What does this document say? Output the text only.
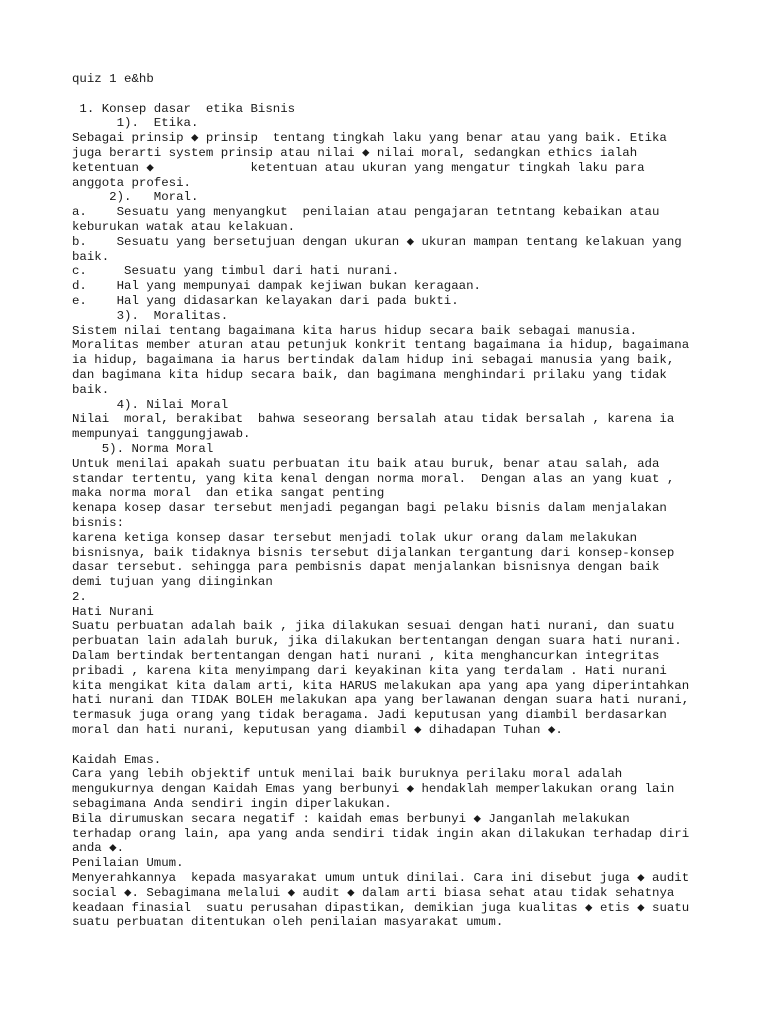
quiz 1 e&hb
1. Konsep dasar  etika Bisnis
1).  Etika.
Sebagai prinsip ◆ prinsip  tentang tingkah laku yang benar atau yang baik. Etika
juga berarti system prinsip atau nilai ◆ nilai moral, sedangkan ethics ialah
ketentuan ◆             ketentuan atau ukuran yang mengatur tingkah laku para
anggota profesi.
2).   Moral.
a.    Sesuatu yang menyangkut  penilaian atau pengajaran tetntang kebaikan atau
keburukan watak atau kelakuan.
b.    Sesuatu yang bersetujuan dengan ukuran ◆ ukuran mampan tentang kelakuan yang
baik.
c.     Sesuatu yang timbul dari hati nurani.
d.    Hal yang mempunyai dampak kejiwan bukan keragaan.
e.    Hal yang didasarkan kelayakan dari pada bukti.
3).  Moralitas.
Sistem nilai tentang bagaimana kita harus hidup secara baik sebagai manusia.
Moralitas member aturan atau petunjuk konkrit tentang bagaimana ia hidup, bagaimana
ia hidup, bagaimana ia harus bertindak dalam hidup ini sebagai manusia yang baik,
dan bagimana kita hidup secara baik, dan bagimana menghindari prilaku yang tidak
baik.
4). Nilai Moral
Nilai  moral, berakibat  bahwa seseorang bersalah atau tidak bersalah , karena ia
mempunyai tanggungjawab.
5). Norma Moral
Untuk menilai apakah suatu perbuatan itu baik atau buruk, benar atau salah, ada
standar tertentu, yang kita kenal dengan norma moral.  Dengan alas an yang kuat ,
maka norma moral  dan etika sangat penting
kenapa kosep dasar tersebut menjadi pegangan bagi pelaku bisnis dalam menjalakan
bisnis:
karena ketiga konsep dasar tersebut menjadi tolak ukur orang dalam melakukan
bisnisnya, baik tidaknya bisnis tersebut dijalankan tergantung dari konsep-konsep
dasar tersebut. sehingga para pembisnis dapat menjalankan bisnisnya dengan baik
demi tujuan yang diinginkan
2.
Hati Nurani
Suatu perbuatan adalah baik , jika dilakukan sesuai dengan hati nurani, dan suatu
perbuatan lain adalah buruk, jika dilakukan bertentangan dengan suara hati nurani.
Dalam bertindak bertentangan dengan hati nurani , kita menghancurkan integritas
pribadi , karena kita menyimpang dari keyakinan kita yang terdalam . Hati nurani
kita mengikat kita dalam arti, kita HARUS melakukan apa yang apa yang diperintahkan
hati nurani dan TIDAK BOLEH melakukan apa yang berlawanan dengan suara hati nurani,
termasuk juga orang yang tidak beragama. Jadi keputusan yang diambil berdasarkan
moral dan hati nurani, keputusan yang diambil ◆ dihadapan Tuhan ◆.
Kaidah Emas.
Cara yang lebih objektif untuk menilai baik buruknya perilaku moral adalah
mengukurnya dengan Kaidah Emas yang berbunyi ◆ hendaklah memperlakukan orang lain
sebagimana Anda sendiri ingin diperlakukan.
Bila dirumuskan secara negatif : kaidah emas berbunyi ◆ Janganlah melakukan
terhadap orang lain, apa yang anda sendiri tidak ingin akan dilakukan terhadap diri
anda ◆.
Penilaian Umum.
Menyerahkannya  kepada masyarakat umum untuk dinilai. Cara ini disebut juga ◆ audit
social ◆. Sebagimana melalui ◆ audit ◆ dalam arti biasa sehat atau tidak sehatnya
keadaan finasial  suatu perusahan dipastikan, demikian juga kualitas ◆ etis ◆ suatu
suatu perbuatan ditentukan oleh penilaian masyarakat umum.
